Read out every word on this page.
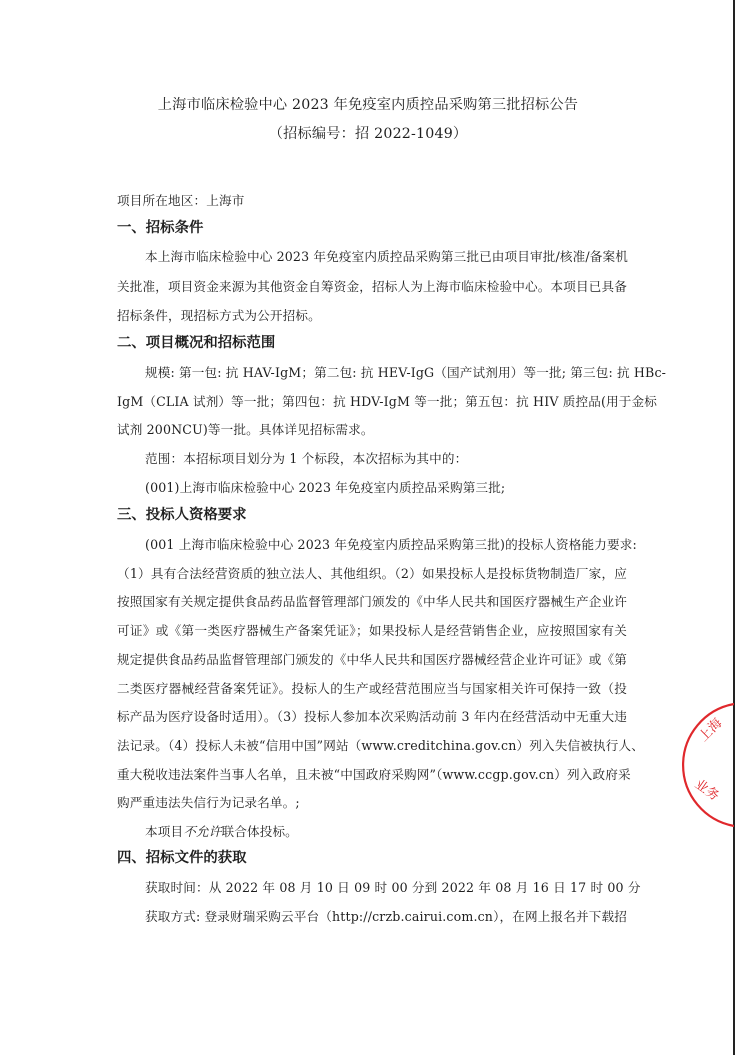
上海市临床检验中心 2023 年免疫室内质控品采购第三批招标公告
（招标编号：招 2022-1049）
项目所在地区：上海市
一、招标条件
本上海市临床检验中心 2023 年免疫室内质控品采购第三批已由项目审批/核准/备案机
关批准，项目资金来源为其他资金自筹资金，招标人为上海市临床检验中心。本项目已具备
招标条件，现招标方式为公开招标。
二、项目概况和招标范围
规模: 第一包: 抗 HAV-IgM；第二包: 抗 HEV-IgG（国产试剂用）等一批; 第三包: 抗 HBc-
IgM（CLIA 试剂）等一批；第四包：抗 HDV-IgM 等一批；第五包：抗 HIV 质控品(用于金标
试剂 200NCU)等一批。具体详见招标需求。
范围：本招标项目划分为 1 个标段，本次招标为其中的：
(001)上海市临床检验中心 2023 年免疫室内质控品采购第三批;
三、投标人资格要求
(001 上海市临床检验中心 2023 年免疫室内质控品采购第三批)的投标人资格能力要求:
（1）具有合法经营资质的独立法人、其他组织。（2）如果投标人是投标货物制造厂家，应
按照国家有关规定提供食品药品监督管理部门颁发的《中华人民共和国医疗器械生产企业许
可证》或《第一类医疗器械生产备案凭证》；如果投标人是经营销售企业，应按照国家有关
规定提供食品药品监督管理部门颁发的《中华人民共和国医疗器械经营企业许可证》或《第
二类医疗器械经营备案凭证》。投标人的生产或经营范围应当与国家相关许可保持一致（投
标产品为医疗设备时适用）。（3）投标人参加本次采购活动前 3 年内在经营活动中无重大违
法记录。（4）投标人未被“信用中国”网站（www.creditchina.gov.cn）列入失信被执行人、
重大税收违法案件当事人名单，且未被“中国政府采购网”（www.ccgp.gov.cn）列入政府采
购严重违法失信行为记录名单。;
本项目不允许联合体投标。
四、招标文件的获取
获取时间：从 2022 年 08 月 10 日 09 时 00 分到 2022 年 08 月 16 日 17 时 00 分
获取方式: 登录财瑞采购云平台（http://crzb.cairui.com.cn），在网上报名并下载招
上海
业务
